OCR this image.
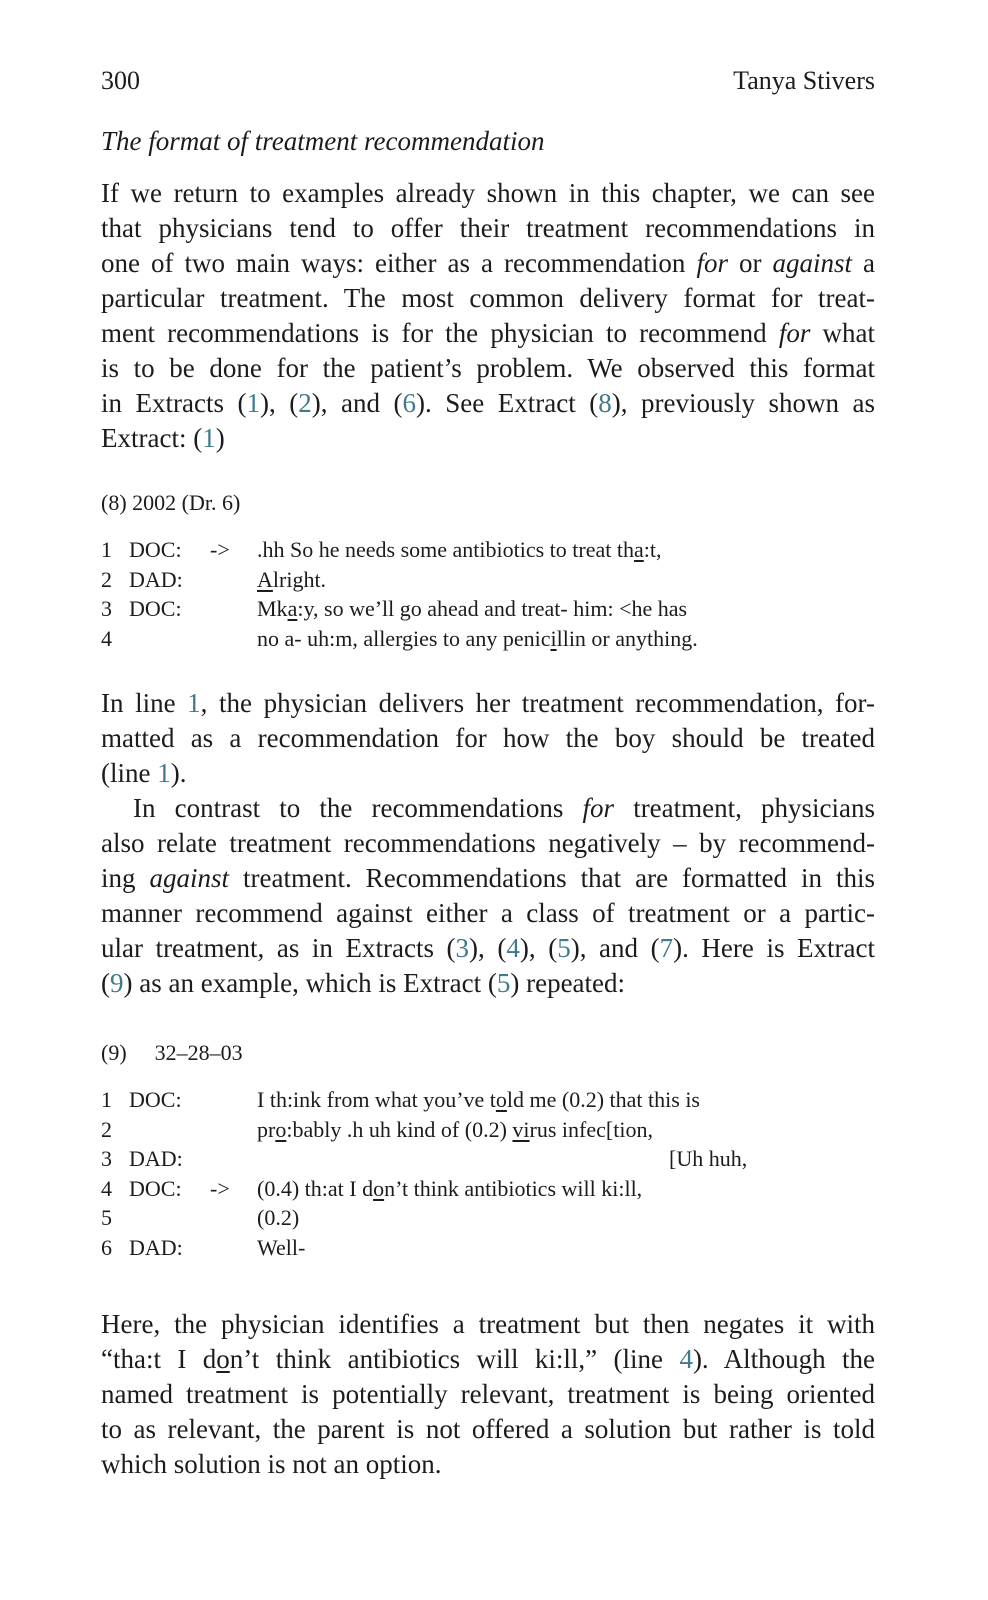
300	Tanya Stivers
The format of treatment recommendation
If we return to examples already shown in this chapter, we can see
that physicians tend to offer their treatment recommendations in
one of two main ways: either as a recommendation for or against a
particular treatment. The most common delivery format for treat-
ment recommendations is for the physician to recommend for what
is to be done for the patient’s problem. We observed this format
in Extracts (1), (2), and (6). See Extract (8), previously shown as
Extract: (1)
(8) 2002 (Dr. 6)
1 DOC: -> .hh So he needs some antibiotics to treat tha:t,
2 DAD:	Alright.
3 DOC:	Mka:y, so we’ll go ahead and treat- him: <he has
4	no a- uh:m, allergies to any penicillin or anything.
In line 1, the physician delivers her treatment recommendation, for-
matted as a recommendation for how the boy should be treated
(line 1).
In contrast to the recommendations for treatment, physicians
also relate treatment recommendations negatively – by recommend-
ing against treatment. Recommendations that are formatted in this
manner recommend against either a class of treatment or a partic-
ular treatment, as in Extracts (3), (4), (5), and (7). Here is Extract
(9) as an example, which is Extract (5) repeated:
(9) 32–28–03
1 DOC:	I th:ink from what you’ve told me (0.2) that this is
2	pro:bably .h uh kind of (0.2) virus infec[tion,
3 DAD:	[Uh huh,
4 DOC: -> (0.4) th:at I don’t think antibiotics will ki:ll,
5	(0.2)
6 DAD:	Well-
Here, the physician identifies a treatment but then negates it with
“tha:t I don’t think antibiotics will ki:ll,” (line 4). Although the
named treatment is potentially relevant, treatment is being oriented
to as relevant, the parent is not offered a solution but rather is told
which solution is not an option.
